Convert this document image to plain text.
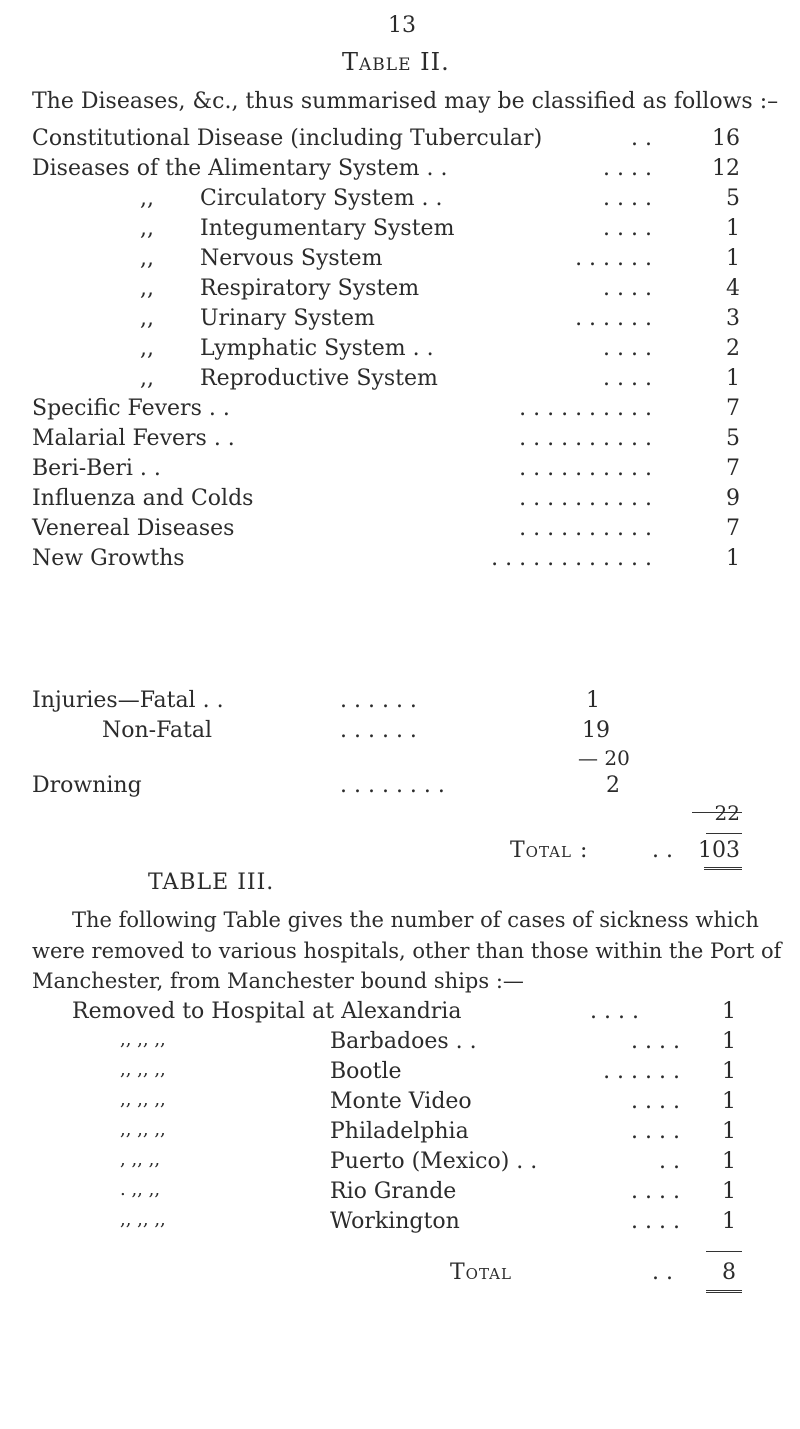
13
Table II.
The Diseases, &c., thus summarised may be classified as follows :–
Constitutional Disease (including Tubercular)	. .	16
Diseases of the Alimentary System . .	. . . .	12
,, Circulatory System . .	. . . .	5
,, Integumentary System	. . . .	1
,, Nervous System	. . . . . .	1
,, Respiratory System	. . . .	4
,, Urinary System	. . . . . .	3
,, Lymphatic System . .	. . . .	2
,, Reproductive System	. . . .	1
Specific Fevers . .	. . . . . . . . . .	7
Malarial Fevers . .	. . . . . . . . . .	5
Beri-Beri . .	. . . . . . . . . .	7
Influenza and Colds	. . . . . . . . . .	9
Venereal Diseases	. . . . . . . . . .	7
New Growths	. . . . . . . . . . . .	1
Injuries—Fatal . .	. . . . . .	1
Non-Fatal	. . . . . .	19
— 20
Drowning	. . . . . . . .	2
22
Total :	. .	103
TABLE III.
The following Table gives the number of cases of sickness which
were removed to various hospitals, other than those within the Port of
Manchester, from Manchester bound ships :—
Removed to Hospital at Alexandria	. . . .	1
,, ,, ,,	Barbadoes . .	. . . .	1
,, ,, ,,	Bootle	. . . . . .	1
,, ,, ,,	Monte Video	. . . .	1
,, ,, ,,	Philadelphia	. . . .	1
, ,, ,,	Puerto (Mexico) . .	. .	1
. ,, ,,	Rio Grande	. . . .	1
,, ,, ,,	Workington	. . . .	1
Total	. .	8
